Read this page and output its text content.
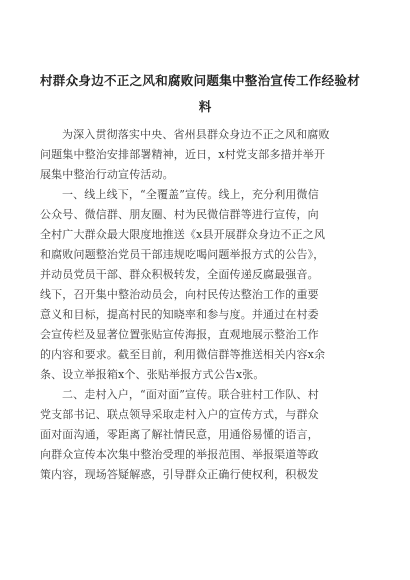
村群众身边不正之风和腐败问题集中整治宣传工作经验材
料
为深入贯彻落实中央、省州县群众身边不正之风和腐败
问题集中整治安排部署精神，近日，x村党支部多措并举开
展集中整治行动宣传活动。
一、线上线下，“全覆盖”宣传。线上，充分利用微信
公众号、微信群、朋友圈、村为民微信群等进行宣传，向
全村广大群众最大限度地推送《x县开展群众身边不正之风
和腐败问题整治党员干部违规吃喝问题举报方式的公告》，
并动员党员干部、群众积极转发，全面传递反腐最强音。
线下，召开集中整治动员会，向村民传达整治工作的重要
意义和目标，提高村民的知晓率和参与度。并通过在村委
会宣传栏及显著位置张贴宣传海报，直观地展示整治工作
的内容和要求。截至目前，利用微信群等推送相关内容x余
条、设立举报箱x个、张贴举报方式公告x张。
二、走村入户，“面对面”宣传。联合驻村工作队、村
党支部书记、联点领导采取走村入户的宣传方式，与群众
面对面沟通，零距离了解社情民意，用通俗易懂的语言，
向群众宣传本次集中整治受理的举报范围、举报渠道等政
策内容，现场答疑解惑，引导群众正确行使权利，积极发
